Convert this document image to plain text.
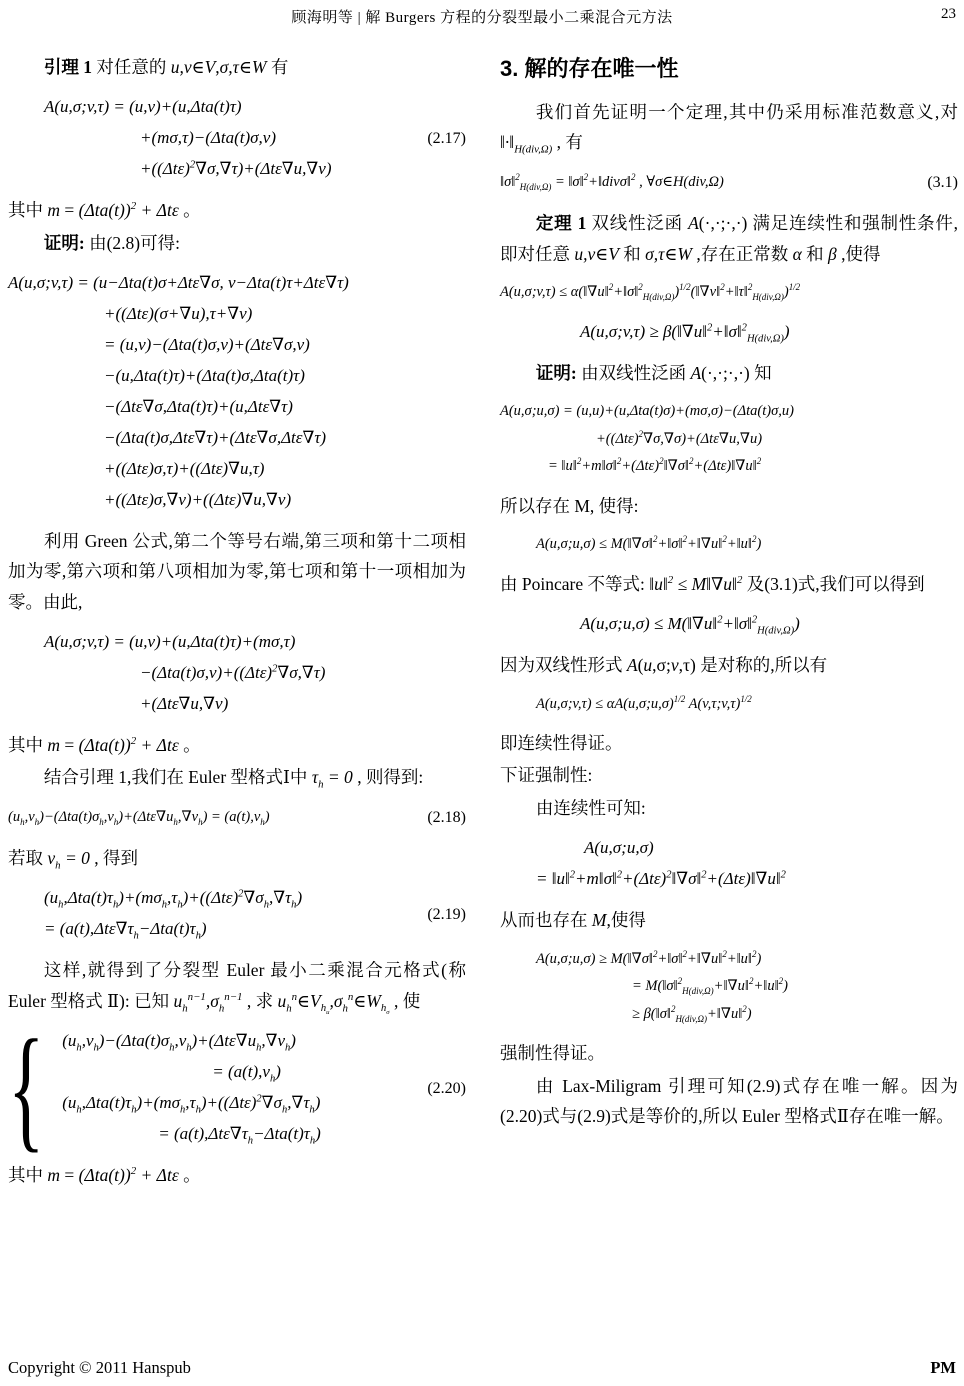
顾海明等 | 解 Burgers 方程的分裂型最小二乘混合元方法	23
引理 1 对任意的 u,v∈V,σ,τ∈W 有
A(u,σ;v,τ) = (u,v)+(u,Δta(t)τ)
+(mσ,τ)−(Δta(t)σ,v)
$+((\Delta t\varepsilon)^2\nabla\sigma,\nabla\tau)+(\Delta t\varepsilon\nabla u,\nabla v)$
(2.17)
其中 $m = (\Delta ta(t))^2 + \Delta t\varepsilon$ 。
证明: 由(2.8)可得:
A(u,σ;v,τ) = (u−Δta(t)σ+Δtε∇σ, v−Δta(t)τ+Δtε∇τ)
+((Δtε)(σ+∇u),τ+∇v)
= (u,v)−(Δta(t)σ,v)+(Δtε∇σ,v)
−(u,Δta(t)τ)+(Δta(t)σ,Δta(t)τ)
−(Δtε∇σ,Δta(t)τ)+(u,Δtε∇τ)
−(Δta(t)σ,Δtε∇τ)+(Δtε∇σ,Δtε∇τ)
+((Δtε)σ,τ)+((Δtε)∇u,τ)
+((Δtε)σ,∇v)+((Δtε)∇u,∇v)
利用 Green 公式,第二个等号右端,第三项和第十二项相加为零,第六项和第八项相加为零,第七项和第十一项相加为零。由此,
A(u,σ;v,τ) = (u,v)+(u,Δta(t)τ)+(mσ,τ)
$-(\Delta ta(t)\sigma,v)+((\Delta t\varepsilon)^2\nabla\sigma,\nabla\tau)$
+(Δtε∇u,∇v)
其中 $m = (\Delta ta(t))^2 + \Delta t\varepsilon$ 。
结合引理 1,我们在 Euler 型格式Ⅰ中 $\tau_h = 0$ , 则得到:
$(u_h,v_h)-(\Delta ta(t)\sigma_h,v_h)+(\Delta t\varepsilon\nabla u_h,\nabla v_h) = (a(t),v_h)$	(2.18)
若取 $v_h = 0$ , 得到
$(u_h,\Delta ta(t)\tau_h)+(m\sigma_h,\tau_h)+((\Delta t\varepsilon)^2\nabla\sigma_h,\nabla\tau_h)$
= $(a(t),\Delta t\varepsilon\nabla\tau_h-\Delta ta(t)\tau_h)$
(2.19)
这样,就得到了分裂型 Euler 最小二乘混合元格式(称 Euler 型格式 Ⅱ): 已知 $u_h^{n-1},\sigma_h^{n-1}$ , 求 $u_h^n\in V_{h_u},\sigma_h^n\in W_{h_\sigma}$ , 使
{ $(u_h,v_h)-(\Delta ta(t)\sigma_h,v_h)+(\Delta t\varepsilon\nabla u_h,\nabla v_h)$
= $(a(t),v_h)$
$(u_h,\Delta ta(t)\tau_h)+(m\sigma_h,\tau_h)+((\Delta t\varepsilon)^2\nabla\sigma_h,\nabla\tau_h)$
= $(a(t),\Delta t\varepsilon\nabla\tau_h-\Delta ta(t)\tau_h)$
(2.20)
其中 $m = (\Delta ta(t))^2 + \Delta t\varepsilon$ 。
3. 解的存在唯一性
我们首先证明一个定理,其中仍采用标准范数意义,对 $‖\cdot‖_{H(div,\Omega)}$ , 有
‖σ‖$^2_{H(div,\Omega)}$ = ‖σ‖$^2$+‖divσ‖$^2$ , ∀σ∈H(div,Ω)	(3.1)
定理 1 双线性泛函 A(·,·;·,·) 满足连续性和强制性条件,即对任意 u,v∈V 和 σ,τ∈W ,存在正常数 α 和 β ,使得
A(u,σ;v,τ) ≤ α(‖∇u‖$^2$+‖σ‖$^2_{H(div,\Omega)}$)$^{1/2}$(‖∇v‖$^2$+‖τ‖$^2_{H(div,\Omega)}$)$^{1/2}$
A(u,σ;v,τ) ≥ β(‖∇u‖$^2$+‖σ‖$^2_{H(div,\Omega)}$)
证明: 由双线性泛函 A(·,·;·,·) 知
A(u,σ;u,σ) = (u,u)+(u,Δta(t)σ)+(mσ,σ)−(Δta(t)σ,u)
$+((\Delta t\varepsilon)^2\nabla\sigma,\nabla\sigma)+(\Delta t\varepsilon\nabla u,\nabla u)$
= $‖u‖^2+m‖\sigma‖^2+(\Delta t\varepsilon)^2‖\nabla\sigma‖^2+(\Delta t\varepsilon)‖\nabla u‖^2$
所以存在 M, 使得:
A(u,σ;u,σ) ≤ M(‖∇σ‖$^2$+‖σ‖$^2$+‖∇u‖$^2$+‖u‖$^2$)
由 Poincare 不等式: ‖u‖$^2$ ≤ M‖∇u‖$^2$ 及(3.1)式,我们可以得到
A(u,σ;u,σ) ≤ M(‖∇u‖$^2$+‖σ‖$^2_{H(div,\Omega)}$)
因为双线性形式 A(u,σ;v,τ) 是对称的,所以有
A(u,σ;v,τ) ≤ αA(u,σ;u,σ)$^{1/2}$ A(v,τ;v,τ)$^{1/2}$
即连续性得证。
下证强制性:
由连续性可知:
A(u,σ;u,σ)
= $‖u‖^2+m‖\sigma‖^2+(\Delta t\varepsilon)^2‖\nabla\sigma‖^2+(\Delta t\varepsilon)‖\nabla u‖^2$
从而也存在 M,使得
A(u,σ;u,σ) ≥ M(‖∇σ‖$^2$+‖σ‖$^2$+‖∇u‖$^2$+‖u‖$^2$)
= M(‖σ‖$^2_{H(div,\Omega)}$+‖∇u‖$^2$+‖u‖$^2$)
≥ β(‖σ‖$^2_{H(div,\Omega)}$+‖∇u‖$^2$)
强制性得证。
由 Lax-Miligram 引理可知(2.9)式存在唯一解。因为(2.20)式与(2.9)式是等价的,所以 Euler 型格式Ⅱ存在唯一解。
Copyright © 2011 Hanspub	PM
